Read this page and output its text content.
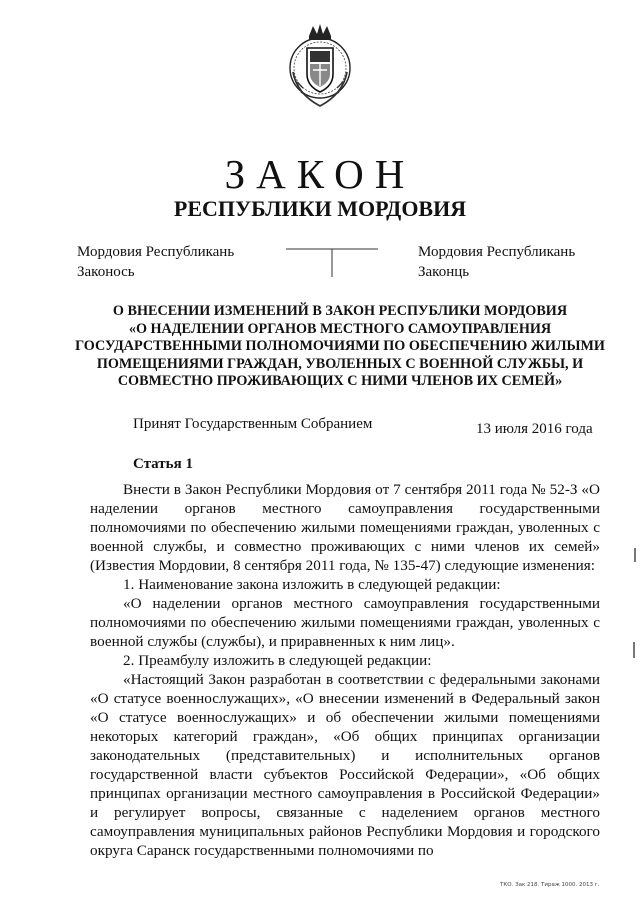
ЗАКОН
РЕСПУБЛИКИ МОРДОВИЯ
Мордовия Республикань
Законось
Мордовия Республикань
Законць
О ВНЕСЕНИИ ИЗМЕНЕНИЙ В ЗАКОН РЕСПУБЛИКИ МОРДОВИЯ
«О НАДЕЛЕНИИ ОРГАНОВ МЕСТНОГО САМОУПРАВЛЕНИЯ
ГОСУДАРСТВЕННЫМИ ПОЛНОМОЧИЯМИ ПО ОБЕСПЕЧЕНИЮ ЖИЛЫМИ
ПОМЕЩЕНИЯМИ ГРАЖДАН, УВОЛЕННЫХ С ВОЕННОЙ СЛУЖБЫ, И
СОВМЕСТНО ПРОЖИВАЮЩИХ С НИМИ ЧЛЕНОВ ИХ СЕМЕЙ»
Принят Государственным Собранием	13 июля 2016 года
Статья 1

Внести в Закон Республики Мордовия от 7 сентября 2011 года № 52-З «О наделении органов местного самоуправления государственными полномочиями по обеспечению жилыми помещениями граждан, уволенных с военной службы, и совместно проживающих с ними членов их семей» (Известия Мордовии, 8 сентября 2011 года, № 135-47) следующие изменения:

1. Наименование закона изложить в следующей редакции:

«О наделении органов местного самоуправления государственными полномочиями по обеспечению жилыми помещениями граждан, уволенных с военной службы (службы), и приравненных к ним лиц».

2. Преамбулу изложить в следующей редакции:

«Настоящий Закон разработан в соответствии с федеральными законами «О статусе военнослужащих», «О внесении изменений в Федеральный закон «О статусе военнослужащих» и об обеспечении жилыми помещениями некоторых категорий граждан», «Об общих принципах организации законодательных (представительных) и исполнительных органов государственной власти субъектов Российской Федерации», «Об общих принципах организации местного самоуправления в Российской Федерации» и регулирует вопросы, связанные с наделением органов местного самоуправления муниципальных районов Республики Мордовия и городского округа Саранск государственными полномочиями по

ТКО. Зак 218. Тираж 1000. 2013 г.
